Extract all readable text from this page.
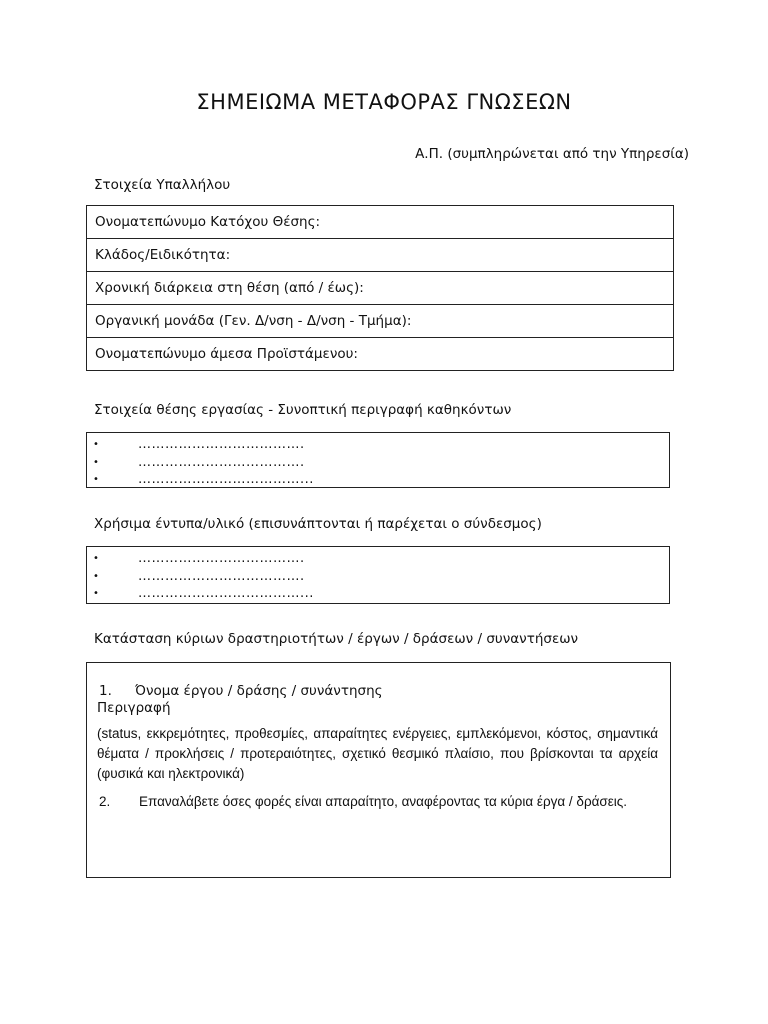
ΣΗΜΕΙΩΜΑ ΜΕΤΑΦΟΡΑΣ ΓΝΩΣΕΩΝ
Α.Π. (συμπληρώνεται από την Υπηρεσία)
Στοιχεία Υπαλλήλου
Ονοματεπώνυμο Κατόχου Θέσης:
Κλάδος/Ειδικότητα:
Χρονική διάρκεια στη θέση (από / έως):
Οργανική μονάδα (Γεν. Δ/νση - Δ/νση - Τμήμα):
Ονοματεπώνυμο άμεσα Προϊστάμενου:
Στοιχεία θέσης εργασίας - Συνοπτική περιγραφή καθηκόντων
•	……………………………….
•	……………………………….
•	………………………………...
Χρήσιμα έντυπα/υλικό (επισυνάπτονται ή παρέχεται ο σύνδεσμος)
•	……………………………….
•	……………………………….
•	………………………………...
Κατάσταση κύριων δραστηριοτήτων / έργων / δράσεων / συναντήσεων
1.	Όνομα έργου / δράσης / συνάντησης
Περιγραφή
(status, εκκρεμότητες, προθεσμίες, απαραίτητες ενέργειες, εμπλεκόμενοι, κόστος, σημαντικά θέματα / προκλήσεις / προτεραιότητες, σχετικό θεσμικό πλαίσιο, που βρίσκονται τα αρχεία (φυσικά και ηλεκτρονικά)
2.	Επαναλάβετε όσες φορές είναι απαραίτητο, αναφέροντας τα κύρια έργα / δράσεις.
